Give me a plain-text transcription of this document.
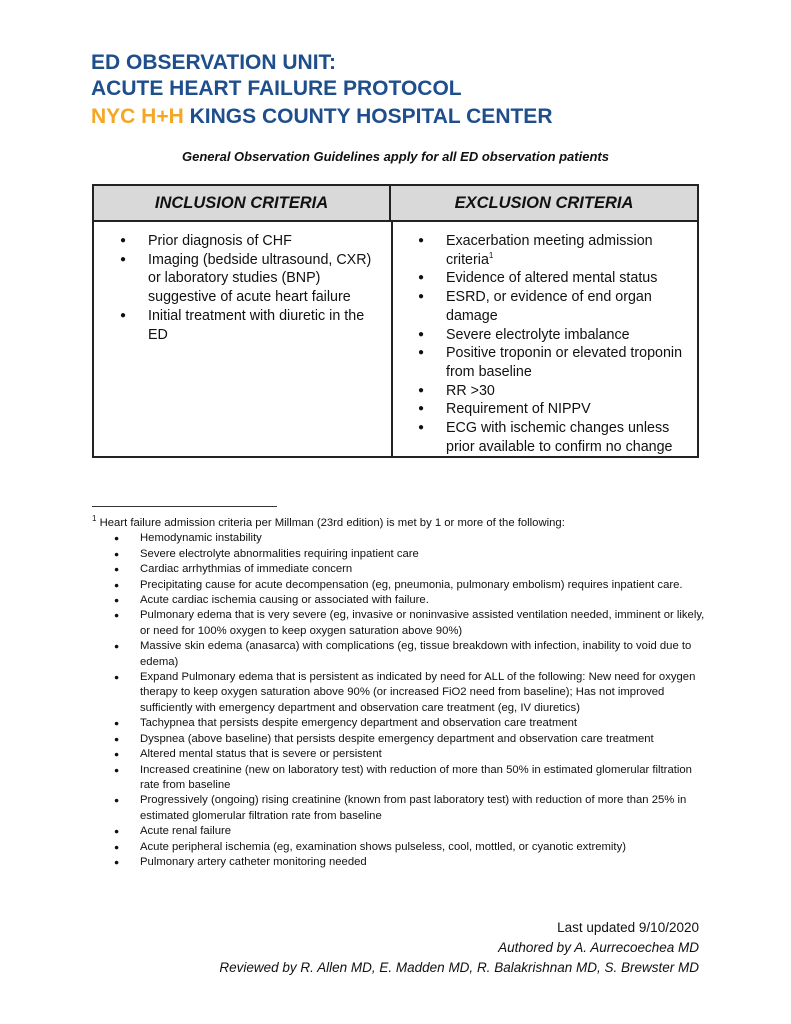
ED OBSERVATION UNIT:
ACUTE HEART FAILURE PROTOCOL
NYC H+H KINGS COUNTY HOSPITAL CENTER
General Observation Guidelines apply for all ED observation patients
INCLUSION CRITERIA	EXCLUSION CRITERIA
● Prior diagnosis of CHF
● Imaging (bedside ultrasound, CXR) or laboratory studies (BNP) suggestive of acute heart failure
● Initial treatment with diuretic in the ED
● Exacerbation meeting admission criteria$^1$
● Evidence of altered mental status
● ESRD, or evidence of end organ damage
● Severe electrolyte imbalance
● Positive troponin or elevated troponin from baseline
● RR >30
● Requirement of NIPPV
● ECG with ischemic changes unless prior available to confirm no change
$^1$ Heart failure admission criteria per Millman (23rd edition) is met by 1 or more of the following:
● Hemodynamic instability
● Severe electrolyte abnormalities requiring inpatient care
● Cardiac arrhythmias of immediate concern
● Precipitating cause for acute decompensation (eg, pneumonia, pulmonary embolism) requires inpatient care.
● Acute cardiac ischemia causing or associated with failure.
● Pulmonary edema that is very severe (eg, invasive or noninvasive assisted ventilation needed, imminent or likely, or need for 100% oxygen to keep oxygen saturation above 90%)
● Massive skin edema (anasarca) with complications (eg, tissue breakdown with infection, inability to void due to edema)
● Expand Pulmonary edema that is persistent as indicated by need for ALL of the following: New need for oxygen therapy to keep oxygen saturation above 90% (or increased FiO2 need from baseline); Has not improved sufficiently with emergency department and observation care treatment (eg, IV diuretics)
● Tachypnea that persists despite emergency department and observation care treatment
● Dyspnea (above baseline) that persists despite emergency department and observation care treatment
● Altered mental status that is severe or persistent
● Increased creatinine (new on laboratory test) with reduction of more than 50% in estimated glomerular filtration rate from baseline
● Progressively (ongoing) rising creatinine (known from past laboratory test) with reduction of more than 25% in estimated glomerular filtration rate from baseline
● Acute renal failure
● Acute peripheral ischemia (eg, examination shows pulseless, cool, mottled, or cyanotic extremity)
● Pulmonary artery catheter monitoring needed
Last updated 9/10/2020
Authored by A. Aurrecoechea MD
Reviewed by R. Allen MD, E. Madden MD, R. Balakrishnan MD, S. Brewster MD
